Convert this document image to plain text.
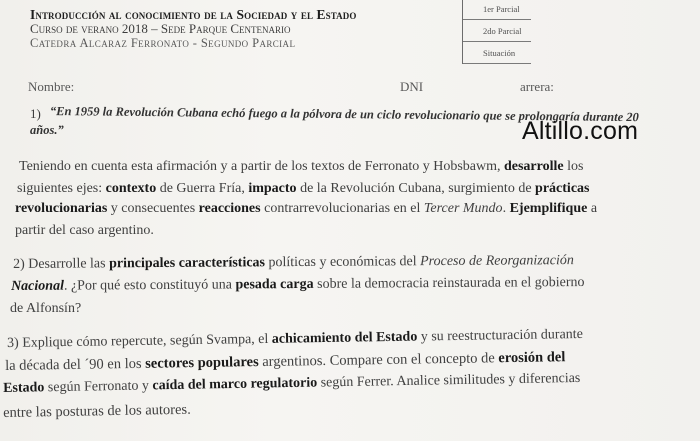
Introducción al conocimiento de la Sociedad y el Estado
Curso de verano 2018 – Sede Parque Centenario
Catedra Alcaraz Ferronato - Segundo Parcial
1er Parcial
2do Parcial
Situación
Nombre:	DNI	arrera:
Altillo.com
1) “En 1959 la Revolución Cubana echó fuego a la pólvora de un ciclo revolucionario que se prolongaría durante 20
años.”
Teniendo en cuenta esta afirmación y a partir de los textos de Ferronato y Hobsbawm, desarrolle los
siguientes ejes: contexto de Guerra Fría, impacto de la Revolución Cubana, surgimiento de prácticas
revolucionarias y consecuentes reacciones contrarrevolucionarias en el Tercer Mundo. Ejemplifique a
partir del caso argentino.
2) Desarrolle las principales características políticas y económicas del Proceso de Reorganización
Nacional. ¿Por qué esto constituyó una pesada carga sobre la democracia reinstaurada en el gobierno
de Alfonsín?
3) Explique cómo repercute, según Svampa, el achicamiento del Estado y su reestructuración durante
la década del ´90 en los sectores populares argentinos. Compare con el concepto de erosión del
Estado según Ferronato y caída del marco regulatorio según Ferrer. Analice similitudes y diferencias
entre las posturas de los autores.
